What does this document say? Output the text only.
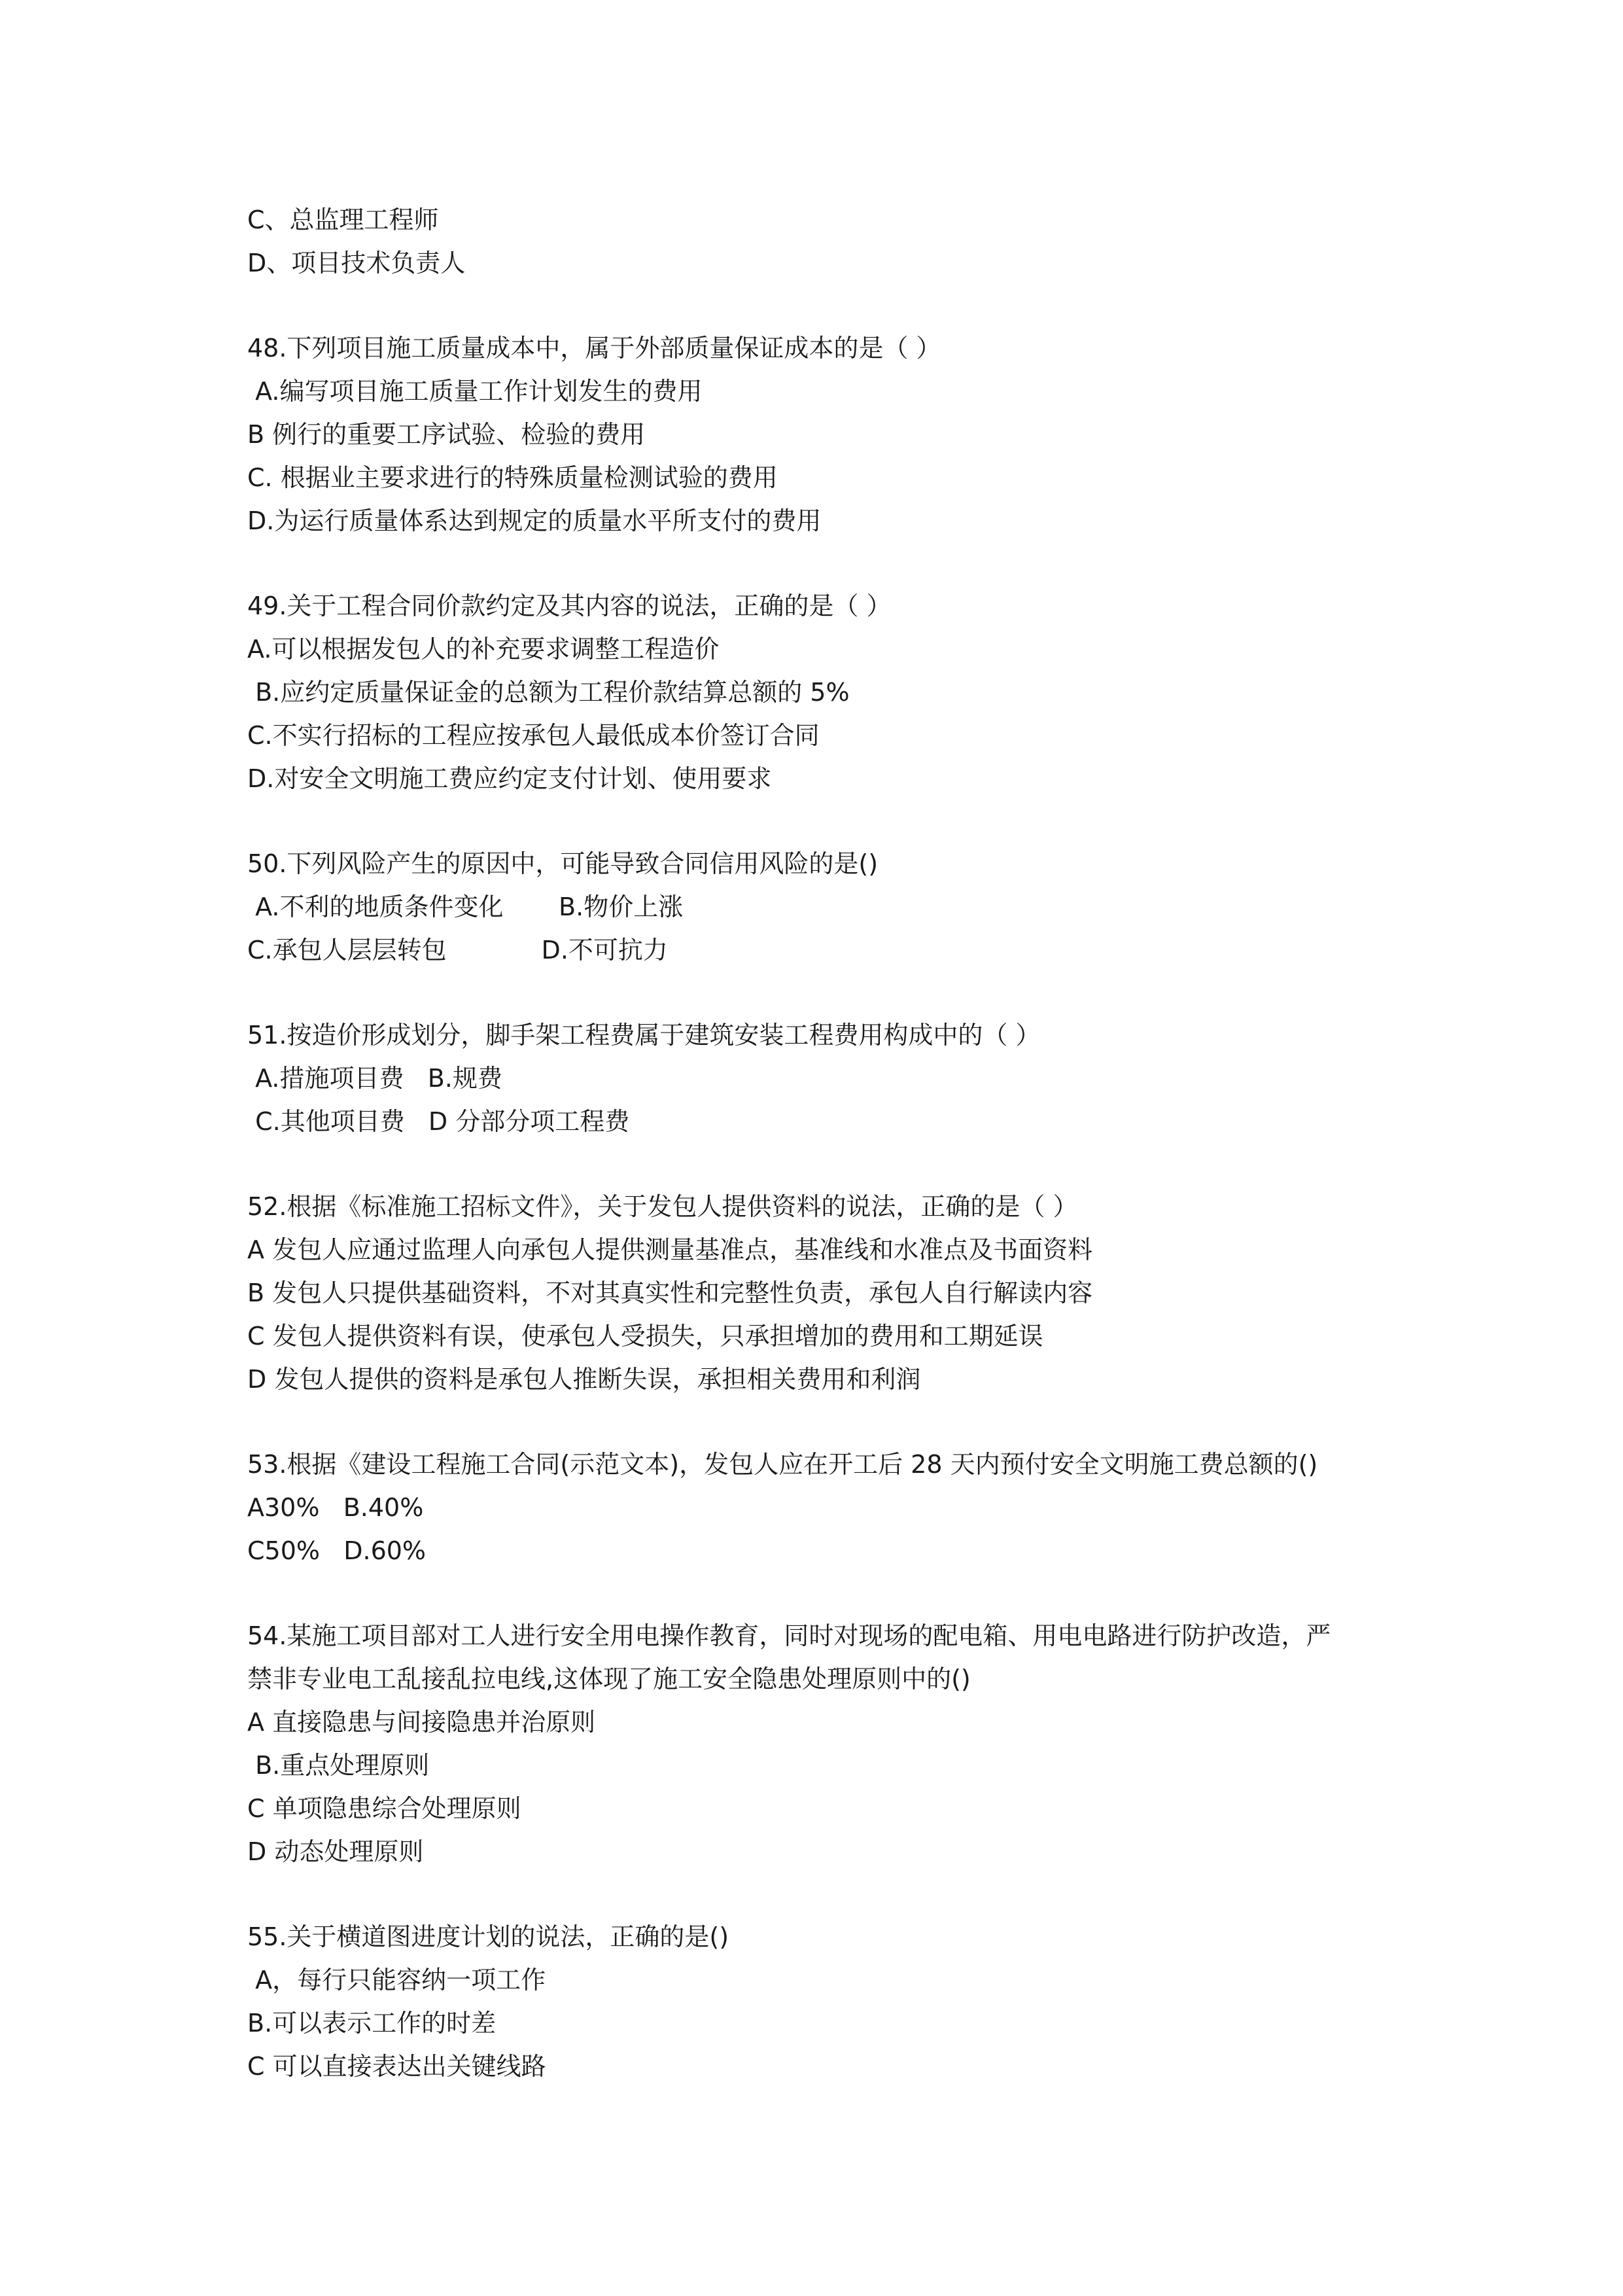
C、总监理工程师
D、项目技术负责人
48.下列项目施工质量成本中，属于外部质量保证成本的是（ ）
A.编写项目施工质量工作计划发生的费用
B 例行的重要工序试验、检验的费用
C. 根据业主要求进行的特殊质量检测试验的费用
D.为运行质量体系达到规定的质量水平所支付的费用
49.关于工程合同价款约定及其内容的说法，正确的是（ ）
A.可以根据发包人的补充要求调整工程造价
B.应约定质量保证金的总额为工程价款结算总额的 5%
C.不实行招标的工程应按承包人最低成本价签订合同
D.对安全文明施工费应约定支付计划、使用要求
50.下列风险产生的原因中，可能导致合同信用风险的是()
A.不利的地质条件变化       B.物价上涨
C.承包人层层转包            D.不可抗力
51.按造价形成划分，脚手架工程费属于建筑安装工程费用构成中的（ ）
A.措施项目费   B.规费
C.其他项目费   D 分部分项工程费
52.根据《标准施工招标文件》，关于发包人提供资料的说法，正确的是（ ）
A 发包人应通过监理人向承包人提供测量基准点，基准线和水准点及书面资料
B 发包人只提供基础资料，不对其真实性和完整性负责，承包人自行解读内容
C 发包人提供资料有误，使承包人受损失，只承担增加的费用和工期延误
D 发包人提供的资料是承包人推断失误，承担相关费用和利润
53.根据《建设工程施工合同(示范文本)，发包人应在开工后 28 天内预付安全文明施工费总额的()
A30%   B.40%
C50%   D.60%
54.某施工项目部对工人进行安全用电操作教育，同时对现场的配电箱、用电电路进行防护改造，严
禁非专业电工乱接乱拉电线,这体现了施工安全隐患处理原则中的()
A 直接隐患与间接隐患并治原则
B.重点处理原则
C 单项隐患综合处理原则
D 动态处理原则
55.关于横道图进度计划的说法，正确的是()
A，每行只能容纳一项工作
B.可以表示工作的时差
C 可以直接表达出关键线路
